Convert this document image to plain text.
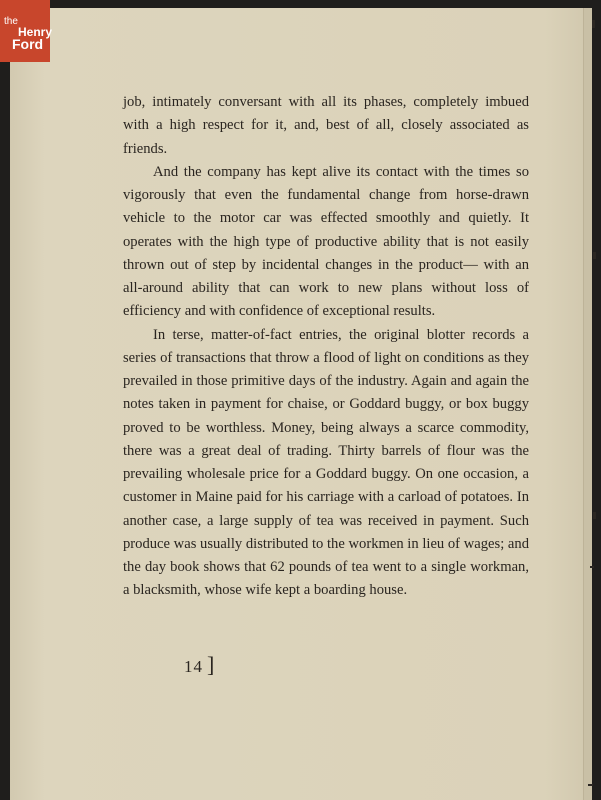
the
Henry
Ford

job, intimately conversant with all its phases, completely imbued with a high respect for it, and, best of all, closely associated as friends.

And the company has kept alive its contact with the times so vigorously that even the fundamental change from horse-drawn vehicle to the motor car was effected smoothly and quietly. It operates with the high type of productive ability that is not easily thrown out of step by incidental changes in the product— with an all-around ability that can work to new plans without loss of efficiency and with confidence of exceptional results.

In terse, matter-of-fact entries, the original blotter records a series of transactions that throw a flood of light on conditions as they prevailed in those primitive days of the industry. Again and again the notes taken in payment for chaise, or Goddard buggy, or box buggy proved to be worthless. Money, being always a scarce commodity, there was a great deal of trading. Thirty barrels of flour was the prevailing wholesale price for a Goddard buggy. On one occasion, a customer in Maine paid for his carriage with a carload of potatoes. In another case, a large supply of tea was received in payment. Such produce was usually distributed to the workmen in lieu of wages; and the day book shows that 62 pounds of tea went to a single workman, a blacksmith, whose wife kept a boarding house.

14 ]
